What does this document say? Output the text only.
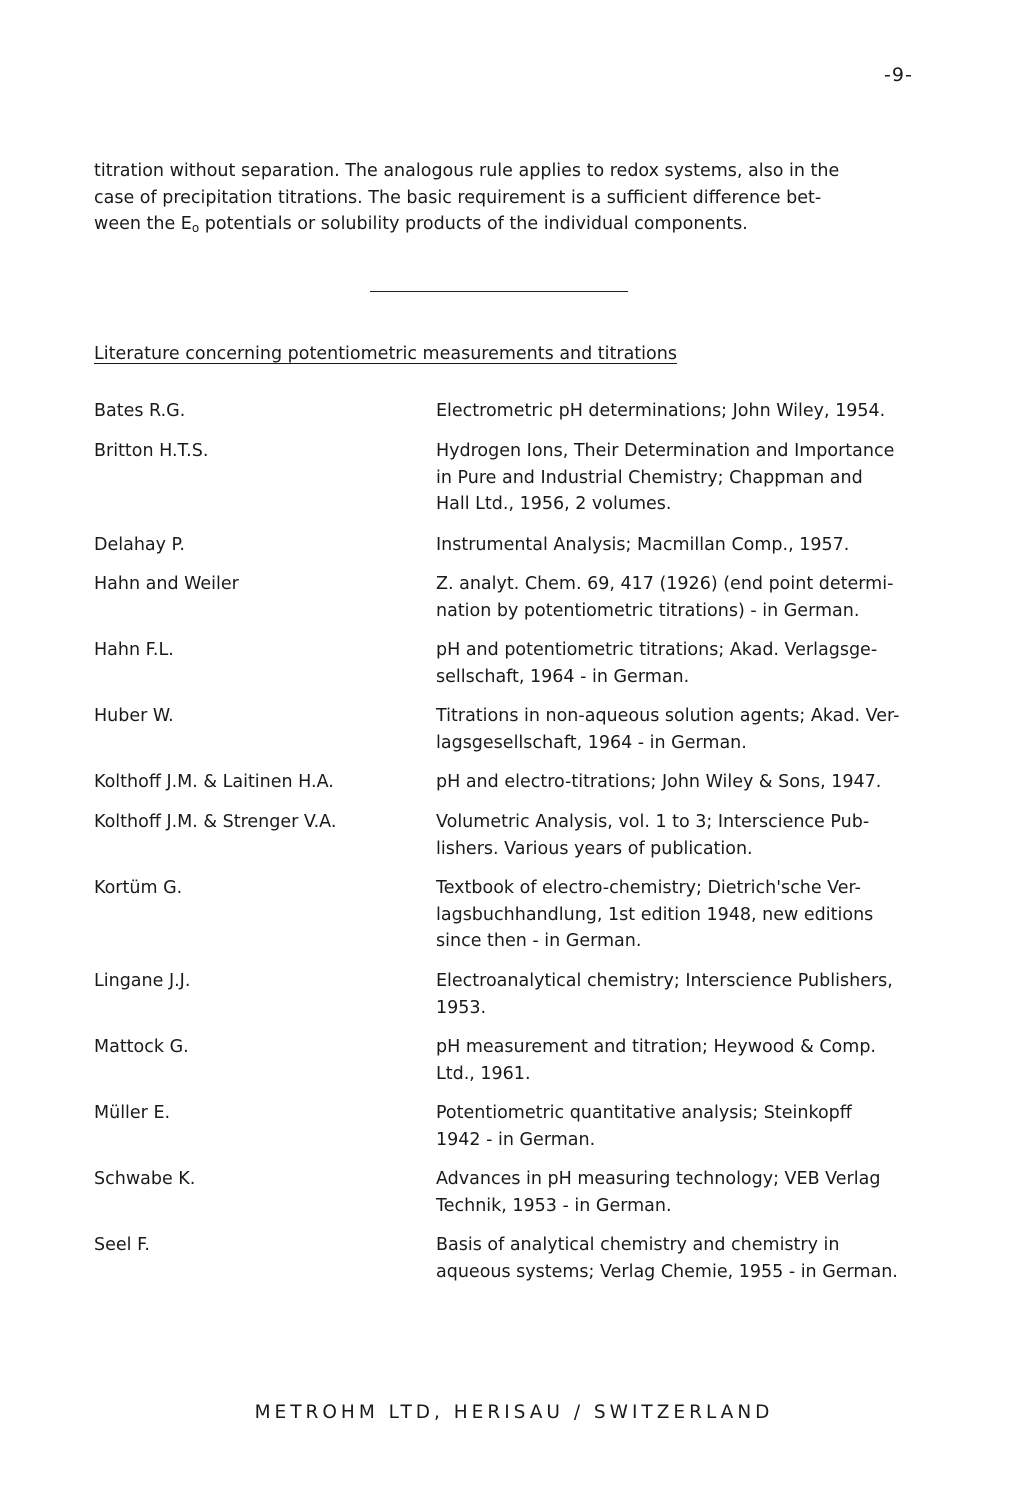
-9-

titration without separation. The analogous rule applies to redox systems, also in the

case of precipitation titrations. The basic requirement is a sufficient difference bet-

ween the $E_o$ potentials or solubility products of the individual components.

Literature concerning potentiometric measurements and titrations
Bates R.G.	Electrometric pH determinations; John Wiley, 1954.
Britton H.T.S.	Hydrogen Ions, Their Determination and Importance
in Pure and Industrial Chemistry; Chappman and
Hall Ltd., 1956, 2 volumes.
Delahay P.	Instrumental Analysis; Macmillan Comp., 1957.
Hahn and Weiler	Z. analyt. Chem. 69, 417 (1926) (end point determi-
nation by potentiometric titrations) - in German.
Hahn F.L.	pH and potentiometric titrations; Akad. Verlagsge-
sellschaft, 1964 - in German.
Huber W.	Titrations in non-aqueous solution agents; Akad. Ver-
lagsgesellschaft, 1964 - in German.
Kolthoff J.M. & Laitinen H.A.	pH and electro-titrations; John Wiley & Sons, 1947.
Kolthoff J.M. & Strenger V.A.	Volumetric Analysis, vol. 1 to 3; Interscience Pub-
lishers. Various years of publication.
Kortüm G.	Textbook of electro-chemistry; Dietrich'sche Ver-
lagsbuchhandlung, 1st edition 1948, new editions
since then - in German.
Lingane J.J.	Electroanalytical chemistry; Interscience Publishers,
1953.
Mattock G.	pH measurement and titration; Heywood & Comp.
Ltd., 1961.
Müller E.	Potentiometric quantitative analysis; Steinkopff
1942 - in German.
Schwabe K.	Advances in pH measuring technology; VEB Verlag
Technik, 1953 - in German.
Seel F.	Basis of analytical chemistry and chemistry in
aqueous systems; Verlag Chemie, 1955 - in German.
METROHM LTD, HERISAU / SWITZERLAND
